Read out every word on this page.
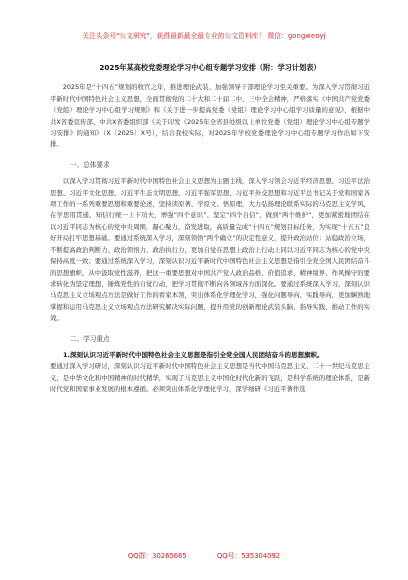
关注头条号"公文研究"，获得最新最全最专业的公文资料库！ 微信：gongwenyj
2025年某高校党委理论学习中心组专题学习安排（附：学习计划表）

2025年是“十四五”规划的收官之年，推进理论武装、加强领导干部理论学习至关重要。为深入学习贯彻习近平新时代中国特色社会主义思想，全面贯彻党的二十大和二十届二中、三中全会精神，严格落实《中国共产党党委（党组）理论学习中心组学习规则》和《关于进一步提高党委（党组）理论学习中心组学习质量的意见》，根据中共X省委宣传部、中共X省委组织部《关于印发《2025年全省县处级以上单位党委（党组）理论学习中心组专题学习安排》的通知》（X〔2025〕X号），结合我校实际，对2025年学校党委理论学习中心组专题学习作出如下安排。

一、总体要求

以深入学习贯彻习近平新时代中国特色社会主义思想为主题主线，深入学习领会习近平经济思想、习近平法治思想、习近平文化思想、习近平生态文明思想、习近平强军思想、习近平外交思想和习近平总书记关于党和国家各项工作的一系列重要思想和重要论述，坚持读原著、学原文、悟原理，大力弘扬理论联系实际的马克思主义学风，在学思用贯通、知信行统一上下功夫，增强“四个意识”、坚定“四个自信”、做到“两个维护”，更加紧密地团结在以习近平同志为核心的党中央周围，凝心聚力、奋发进取，高质量完成“十四五”规划目标任务，为实现“十五五”良好开局打牢思想基础。要通过系统深入学习，深刻领悟“两个确立”的决定性意义，提升政治站位：站稳政治立场，不断提高政治判断力、政治领悟力、政治执行力，更加自觉在思想上政治上行动上同以习近平同志为核心的党中央保持高度一致；要通过系统深入学习，深刻认识习近平新时代中国特色社会主义思想是指引全党全国人民团结奋斗的思想旗帜，从中汲取党性滋养，把这一重要思想对中国共产党人政治品格、价值追求、精神境界、作风操守的要求转化为坚定理想、锤炼党性的自觉行动，把学习贯彻不断向各领域各方面深化。要通过系统深入学习，深刻认识马克思主义立场观点方法是做好工作的看家本领，突出体系化学理化学习，强化问题导向、实践导向，更加娴熟地掌握和运用马克思主义立场观点方法研究解决实际问题，提升用党的创新理论武装头脑、指导实践、推动工作的实效。

二、学习重点

1.深刻认识习近平新时代中国特色社会主义思想是指引全党全国人民团结奋斗的思想旗帜。

要通过深入学习研讨，深刻认识习近平新时代中国特色社会主义思想是当代中国马克思主义、二十一世纪马克思主义，是中华文化和中国精神的时代精华，实现了马克思主义中国化时代化新的飞跃，是科学系统的理论体系，是新时代党和国家事业发展的根本遵循。必须突出体系化学理化学习，深学细研《习近平著作选

QQ群：30265665	QQ号：535304092
